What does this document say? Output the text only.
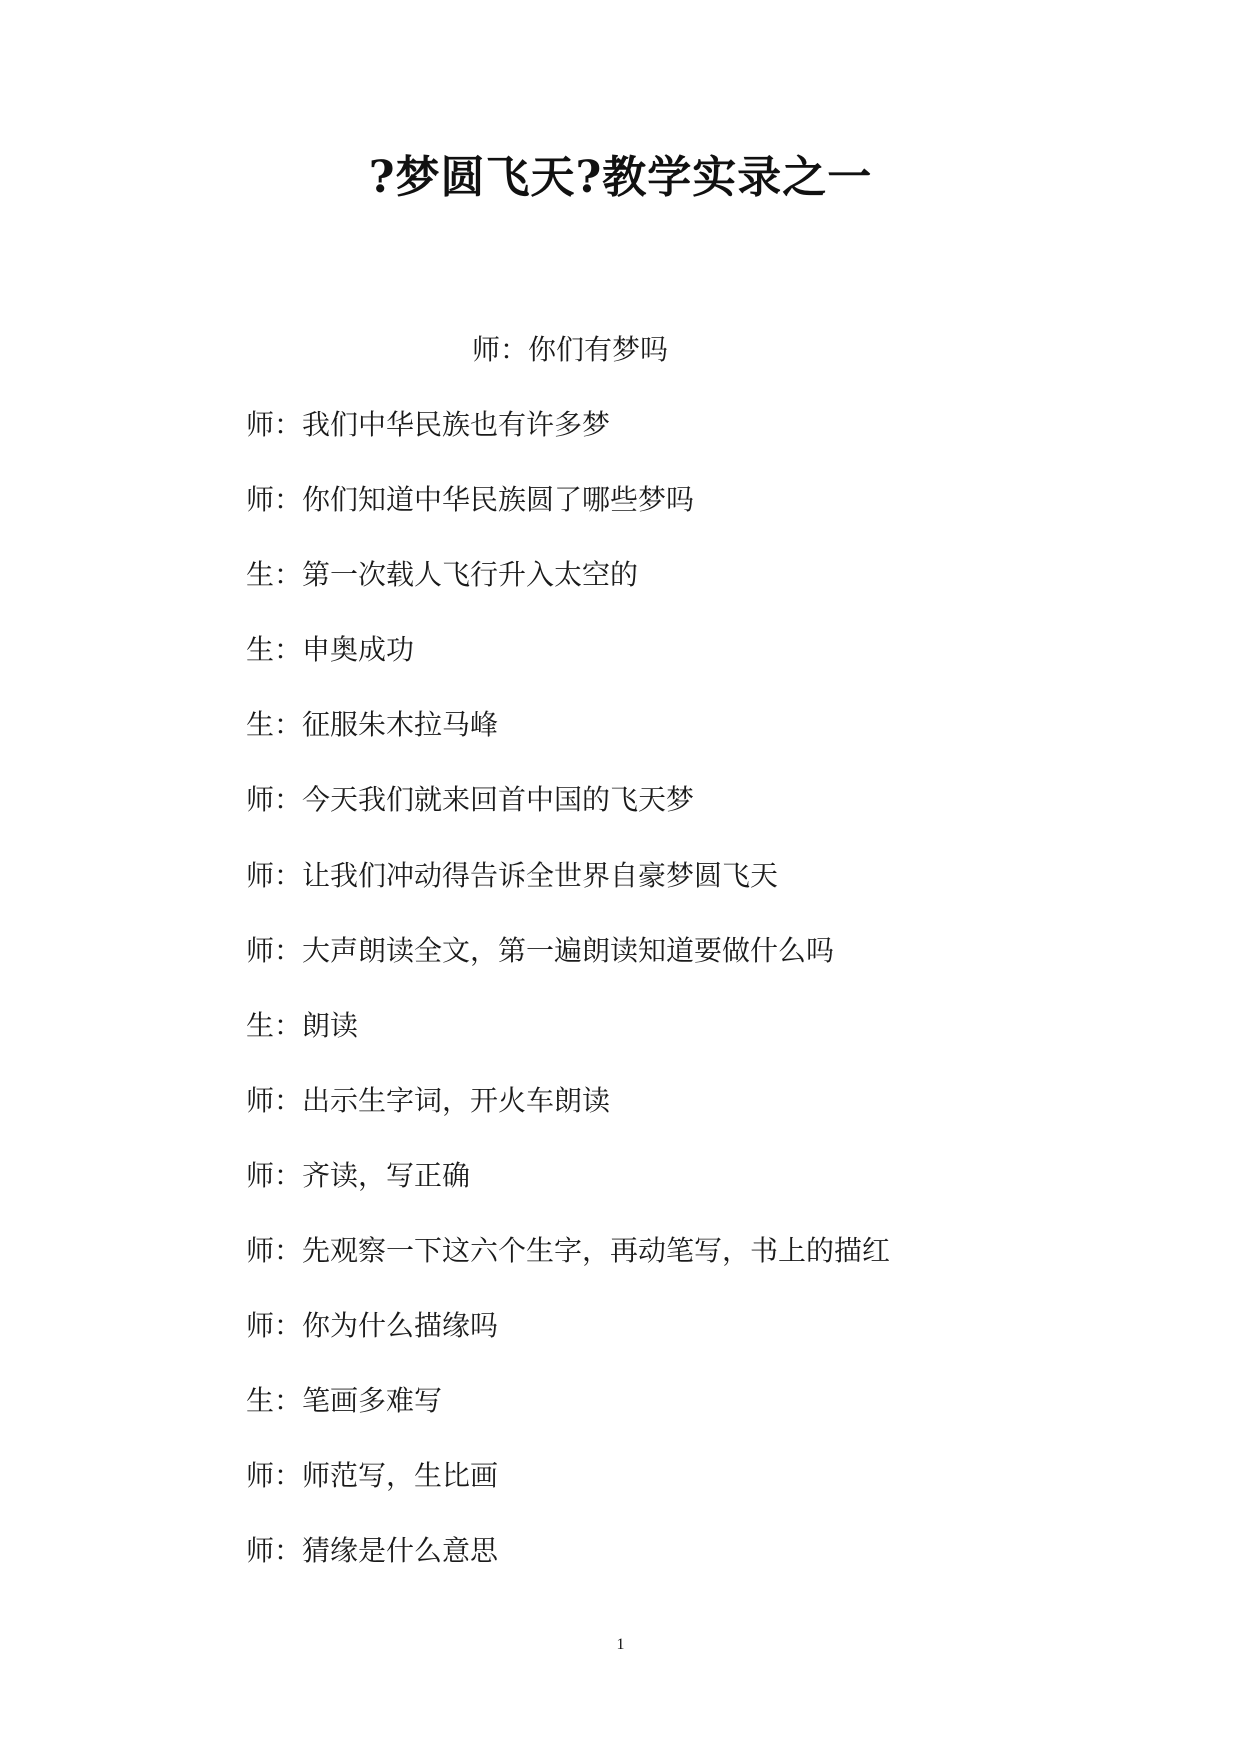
?梦圆飞天?教学实录之一
师：你们有梦吗
师：我们中华民族也有许多梦
师：你们知道中华民族圆了哪些梦吗
生：第一次载人飞行升入太空的
生：申奥成功
生：征服朱木拉马峰
师：今天我们就来回首中国的飞天梦
师：让我们冲动得告诉全世界自豪梦圆飞天
师：大声朗读全文，第一遍朗读知道要做什么吗
生：朗读
师：出示生字词，开火车朗读
师：齐读，写正确
师：先观察一下这六个生字，再动笔写，书上的描红
师：你为什么描缘吗
生：笔画多难写
师：师范写，生比画
师：猜缘是什么意思
1
